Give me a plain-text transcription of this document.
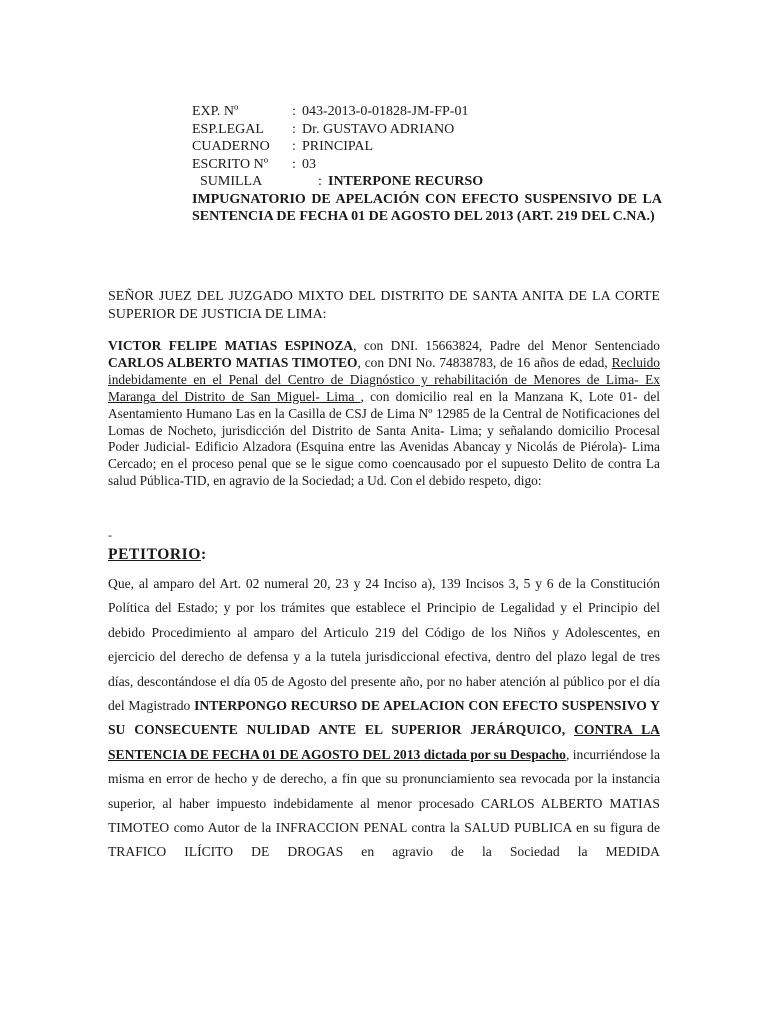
EXP. Nº	: 043-2013-0-01828-JM-FP-01
ESP.LEGAL	: Dr. GUSTAVO ADRIANO
CUADERNO	: PRINCIPAL
ESCRITO Nº	: 03
SUMILLA	: INTERPONE RECURSO
IMPUGNATORIO DE APELACIÓN CON EFECTO SUSPENSIVO DE LA SENTENCIA DE FECHA 01 DE AGOSTO DEL 2013 (ART. 219 DEL C.NA.)
SEÑOR JUEZ DEL JUZGADO MIXTO DEL DISTRITO DE SANTA ANITA DE LA CORTE SUPERIOR DE JUSTICIA DE LIMA:
VICTOR FELIPE MATIAS ESPINOZA, con DNI. 15663824, Padre del Menor Sentenciado CARLOS ALBERTO MATIAS TIMOTEO, con DNI No. 74838783, de 16 años de edad, Recluido indebidamente en el Penal del Centro de Diagnóstico y rehabilitación de Menores de Lima- Ex Maranga del Distrito de San Miguel- Lima , con domicilio real en la Manzana K, Lote 01- del Asentamiento Humano Las en la Casilla de CSJ de Lima Nº 12985 de la Central de Notificaciones del Lomas de Nocheto, jurisdicción del Distrito de Santa Anita- Lima; y señalando domicilio Procesal Poder Judicial- Edificio Alzadora (Esquina entre las Avenidas Abancay y Nicolás de Piérola)- Lima Cercado; en el proceso penal que se le sigue como coencausado por el supuesto Delito de contra La salud Pública-TID, en agravio de la Sociedad; a Ud. Con el debido respeto, digo:
-
PETITORIO:
Que, al amparo del Art. 02 numeral 20, 23 y 24 Inciso a), 139 Incisos 3, 5 y 6 de la Constitución Política del Estado; y por los trámites que establece el Principio de Legalidad y el Principio del debido Procedimiento al amparo del Articulo 219 del Código de los Niños y Adolescentes, en ejercicio del derecho de defensa y a la tutela jurisdiccional efectiva, dentro del plazo legal de tres días, descontándose el día 05 de Agosto del presente año, por no haber atención al público por el día del Magistrado INTERPONGO RECURSO DE APELACION CON EFECTO SUSPENSIVO Y SU CONSECUENTE NULIDAD ANTE EL SUPERIOR JERÁRQUICO, CONTRA LA SENTENCIA DE FECHA 01 DE AGOSTO DEL 2013 dictada por su Despacho, incurriéndose la misma en error de hecho y de derecho, a fin que su pronunciamiento sea revocada por la instancia superior, al haber impuesto indebidamente al menor procesado CARLOS ALBERTO MATIAS TIMOTEO como Autor de la INFRACCION PENAL contra la SALUD PUBLICA en su figura de TRAFICO ILÍCITO DE DROGAS en agravio de la Sociedad la MEDIDA
